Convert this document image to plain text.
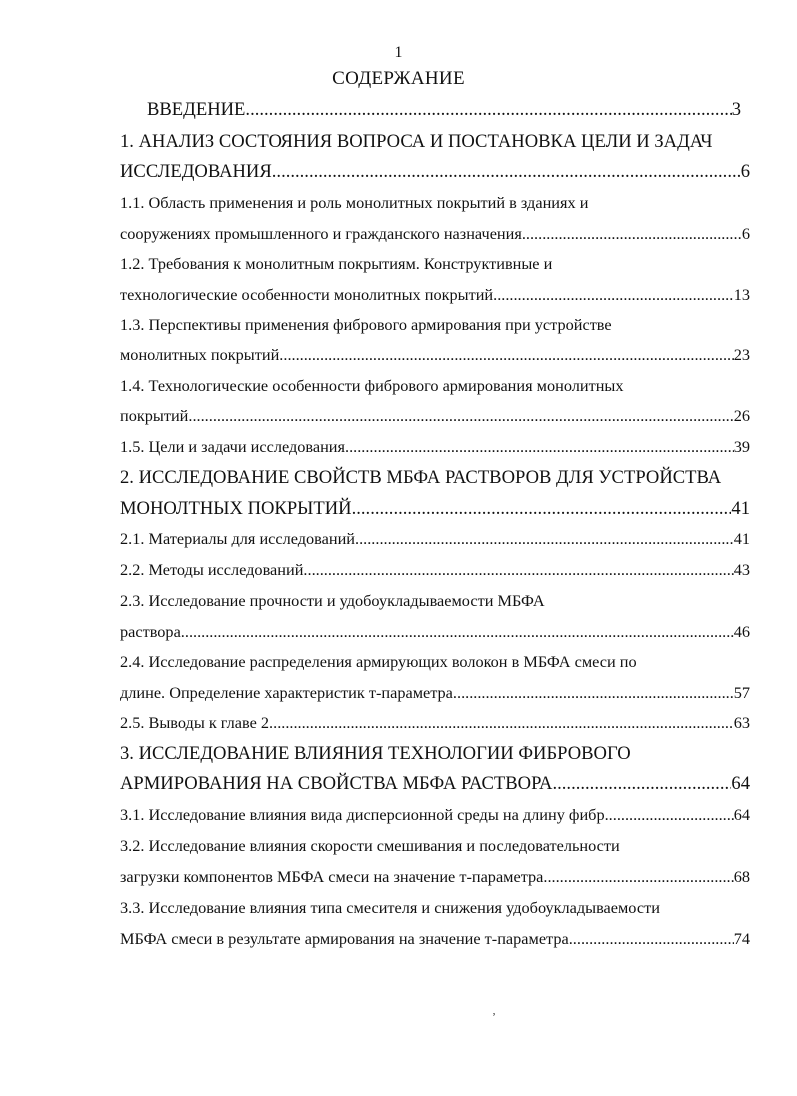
1
СОДЕРЖАНИЕ
ВВЕДЕНИЕ .....	3
1. АНАЛИЗ СОСТОЯНИЯ ВОПРОСА И ПОСТАНОВКА ЦЕЛИ И ЗАДАЧ
ИССЛЕДОВАНИЯ .....	6
1.1. Область применения и роль монолитных покрытий в зданиях и
сооружениях промышленного и гражданского назначения .....	6
1.2. Требования к монолитным покрытиям. Конструктивные и
технологические особенности монолитных покрытий .....	13
1.3. Перспективы применения фибрового армирования при устройстве
монолитных покрытий .....	23
1.4. Технологические особенности фибрового армирования монолитных
покрытий .....	26
1.5. Цели и задачи исследования .....	39
2. ИССЛЕДОВАНИЕ СВОЙСТВ МБФА РАСТВОРОВ ДЛЯ УСТРОЙСТВА
МОНОЛТНЫХ ПОКРЫТИЙ .....	41
2.1. Материалы для исследований .....	41
2.2. Методы исследований .....	43
2.3. Исследование прочности и удобоукладываемости МБФА
раствора .....	46
2.4. Исследование распределения армирующих волокон в МБФА смеси по
длине. Определение характеристик т-параметра .....	57
2.5. Выводы к главе 2 .....	63
3. ИССЛЕДОВАНИЕ ВЛИЯНИЯ ТЕХНОЛОГИИ ФИБРОВОГО
АРМИРОВАНИЯ НА СВОЙСТВА МБФА РАСТВОРА .....	64
3.1. Исследование влияния вида дисперсионной среды на длину фибр .....	64
3.2. Исследование влияния скорости смешивания и последовательности
загрузки компонентов МБФА смеси на значение т-параметра .....	68
3.3. Исследование влияния типа смесителя и снижения удобоукладываемости
МБФА смеси в результате армирования на значение т-параметра .....	74
‚
